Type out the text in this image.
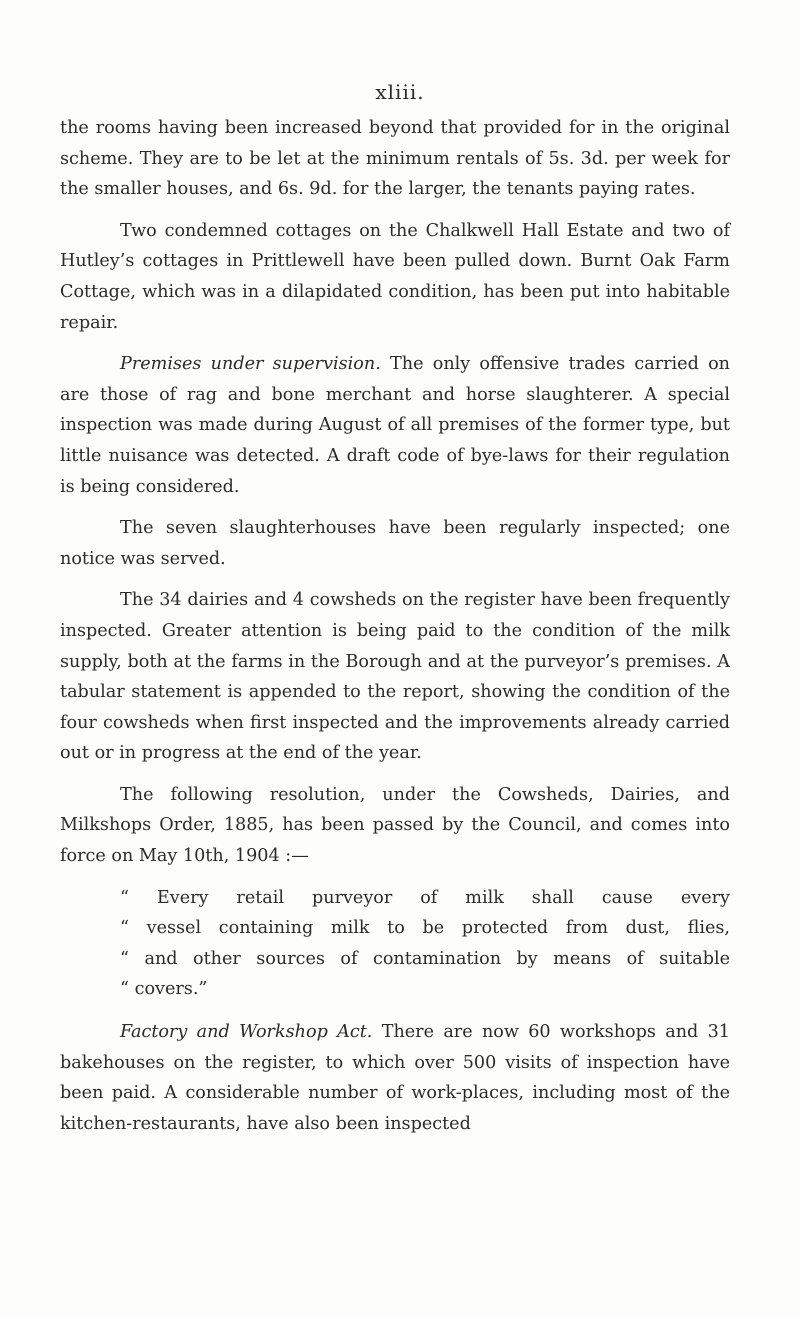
xliii.

the rooms having been increased beyond that provided for in the original scheme. They are to be let at the minimum rentals of 5s. 3d. per week for the smaller houses, and 6s. 9d. for the larger, the tenants paying rates.

Two condemned cottages on the Chalkwell Hall Estate and two of Hutley’s cottages in Prittlewell have been pulled down. Burnt Oak Farm Cottage, which was in a dilapidated condition, has been put into habitable repair.

Premises under supervision. The only offensive trades carried on are those of rag and bone merchant and horse slaughterer. A special inspection was made during August of all premises of the former type, but little nuisance was detected. A draft code of bye-laws for their regulation is being considered.

The seven slaughterhouses have been regularly inspected; one notice was served.

The 34 dairies and 4 cowsheds on the register have been frequently inspected. Greater attention is being paid to the condition of the milk supply, both at the farms in the Borough and at the purveyor’s premises. A tabular statement is appended to the report, showing the condition of the four cowsheds when first inspected and the improvements already carried out or in progress at the end of the year.

The following resolution, under the Cowsheds, Dairies, and Milkshops Order, 1885, has been passed by the Council, and comes into force on May 10th, 1904 :—

“ Every retail purveyor of milk shall cause every
“ vessel containing milk to be protected from dust, flies,
“ and other sources of contamination by means of suitable
“ covers.”

Factory and Workshop Act. There are now 60 workshops and 31 bakehouses on the register, to which over 500 visits of inspection have been paid. A considerable number of work-places, including most of the kitchen-restaurants, have also been inspected
